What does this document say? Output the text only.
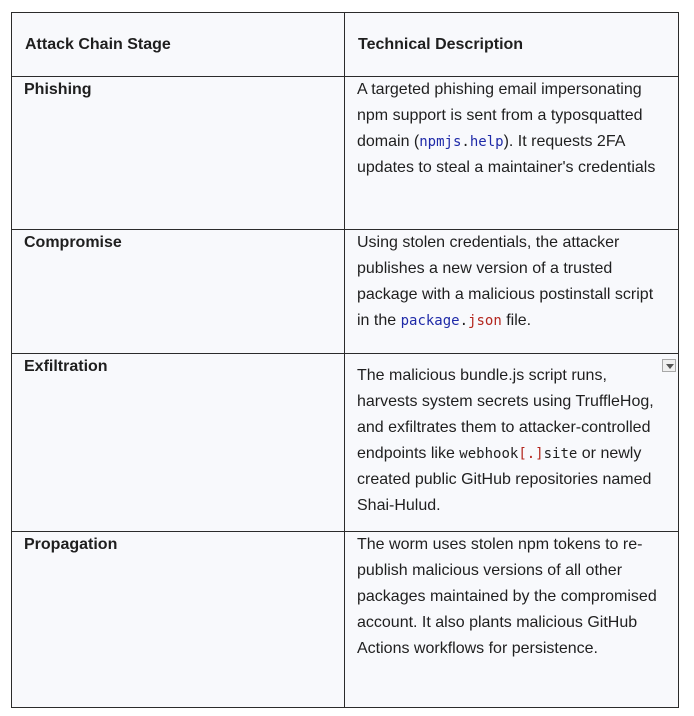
Attack Chain Stage	Technical Description
Phishing	A targeted phishing email impersonating npm support is sent from a typosquatted domain (npmjs.help). It requests 2FA updates to steal a maintainer's credentials
Compromise	Using stolen credentials, the attacker publishes a new version of a trusted package with a malicious postinstall script in the package.json file.
Exfiltration	The malicious bundle.js script runs, harvests system secrets using TruffleHog, and exfiltrates them to attacker-controlled endpoints like webhook[.]site or newly created public GitHub repositories named Shai-Hulud.
Propagation	The worm uses stolen npm tokens to re-publish malicious versions of all other packages maintained by the compromised account. It also plants malicious GitHub Actions workflows for persistence.
